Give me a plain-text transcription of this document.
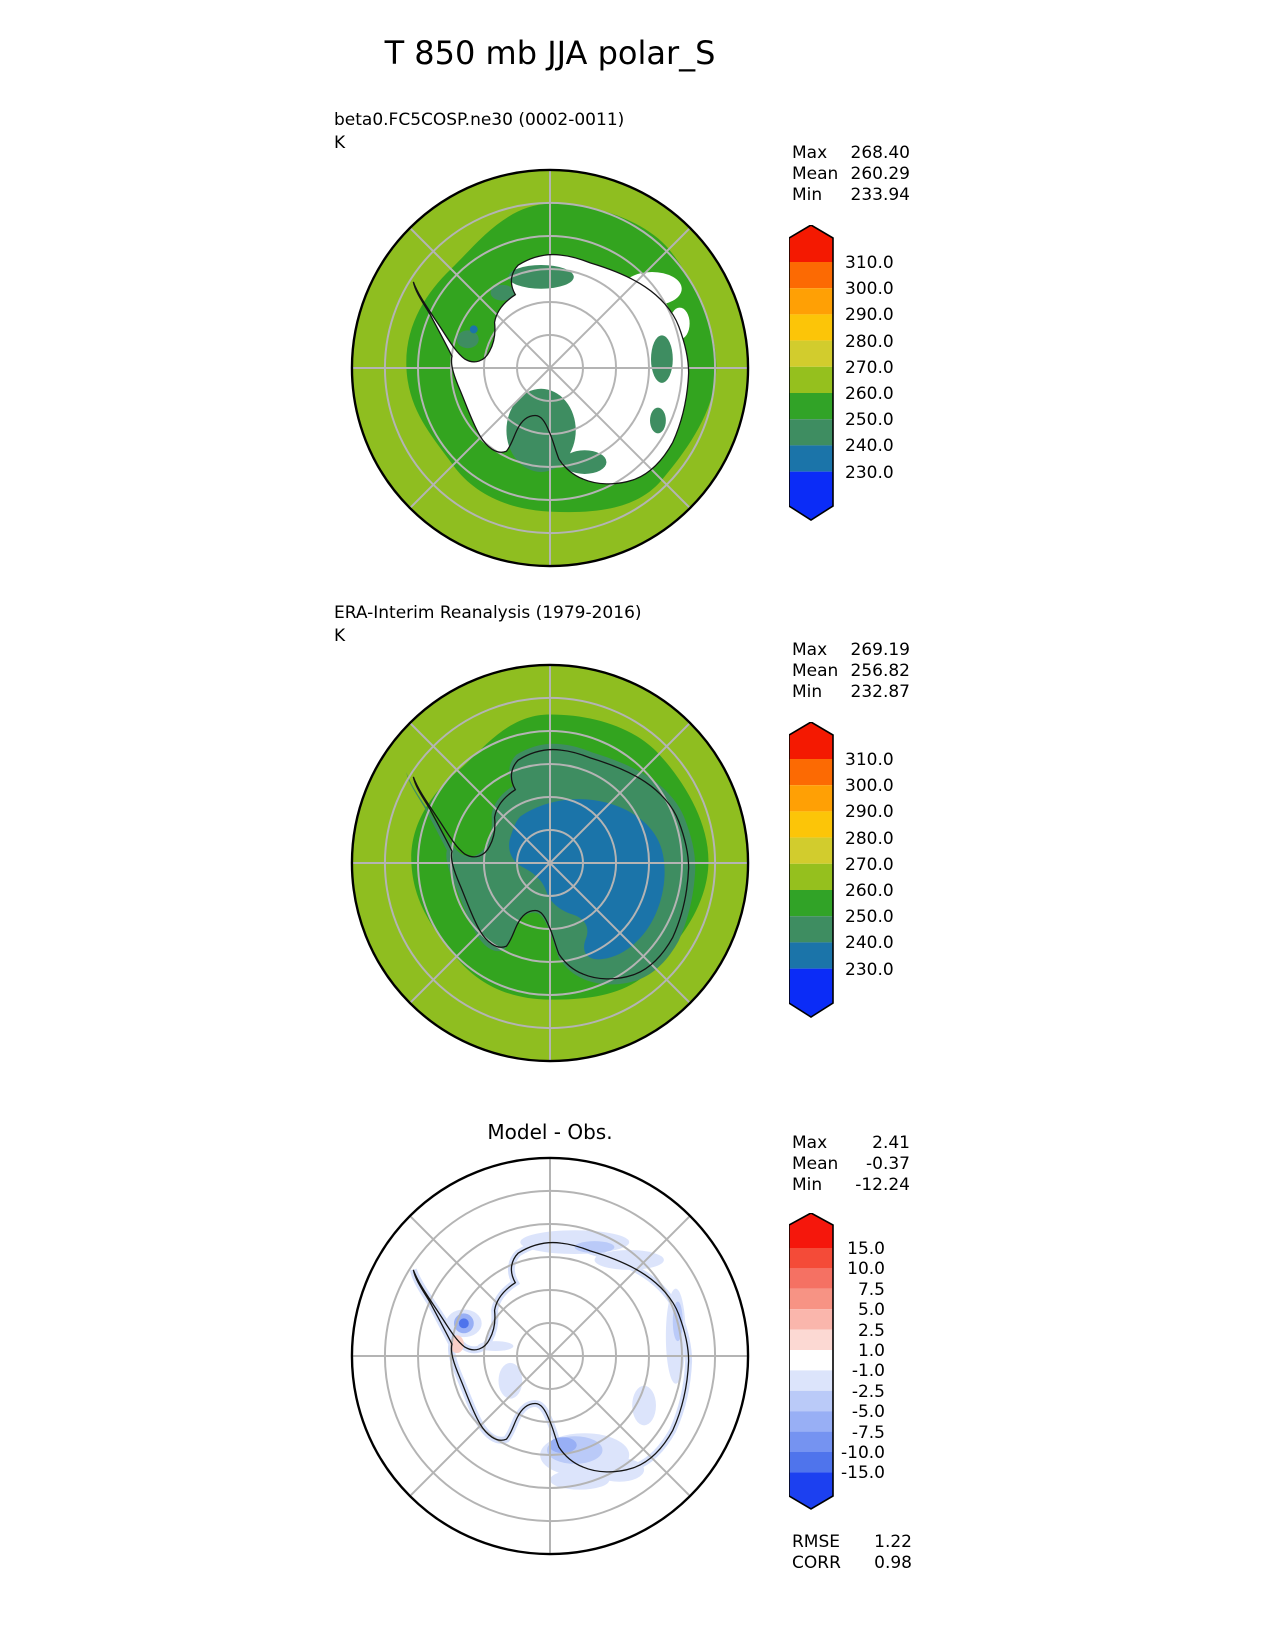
T 850 mb JJA polar_S
beta0.FC5COSP.ne30 (0002-0011)
K	Max 268.40
Mean 260.29
Min 233.94
310.0
300.0
290.0
280.0
270.0
260.0
250.0
240.0
230.0
ERA-Interim Reanalysis (1979-2016)
K
Max 269.19
Mean 256.82
Min 232.87
310.0
300.0
290.0
280.0
270.0
260.0
250.0
240.0
230.0
Model - Obs.	Max	2.41
Mean -0.37
Min -12.24
15.0
10.0
7.5
5.0
2.5
1.0
-1.0
-2.5
-5.0
-7.5
-10.0
-15.0
RMSE 1.22
CORR 0.98
